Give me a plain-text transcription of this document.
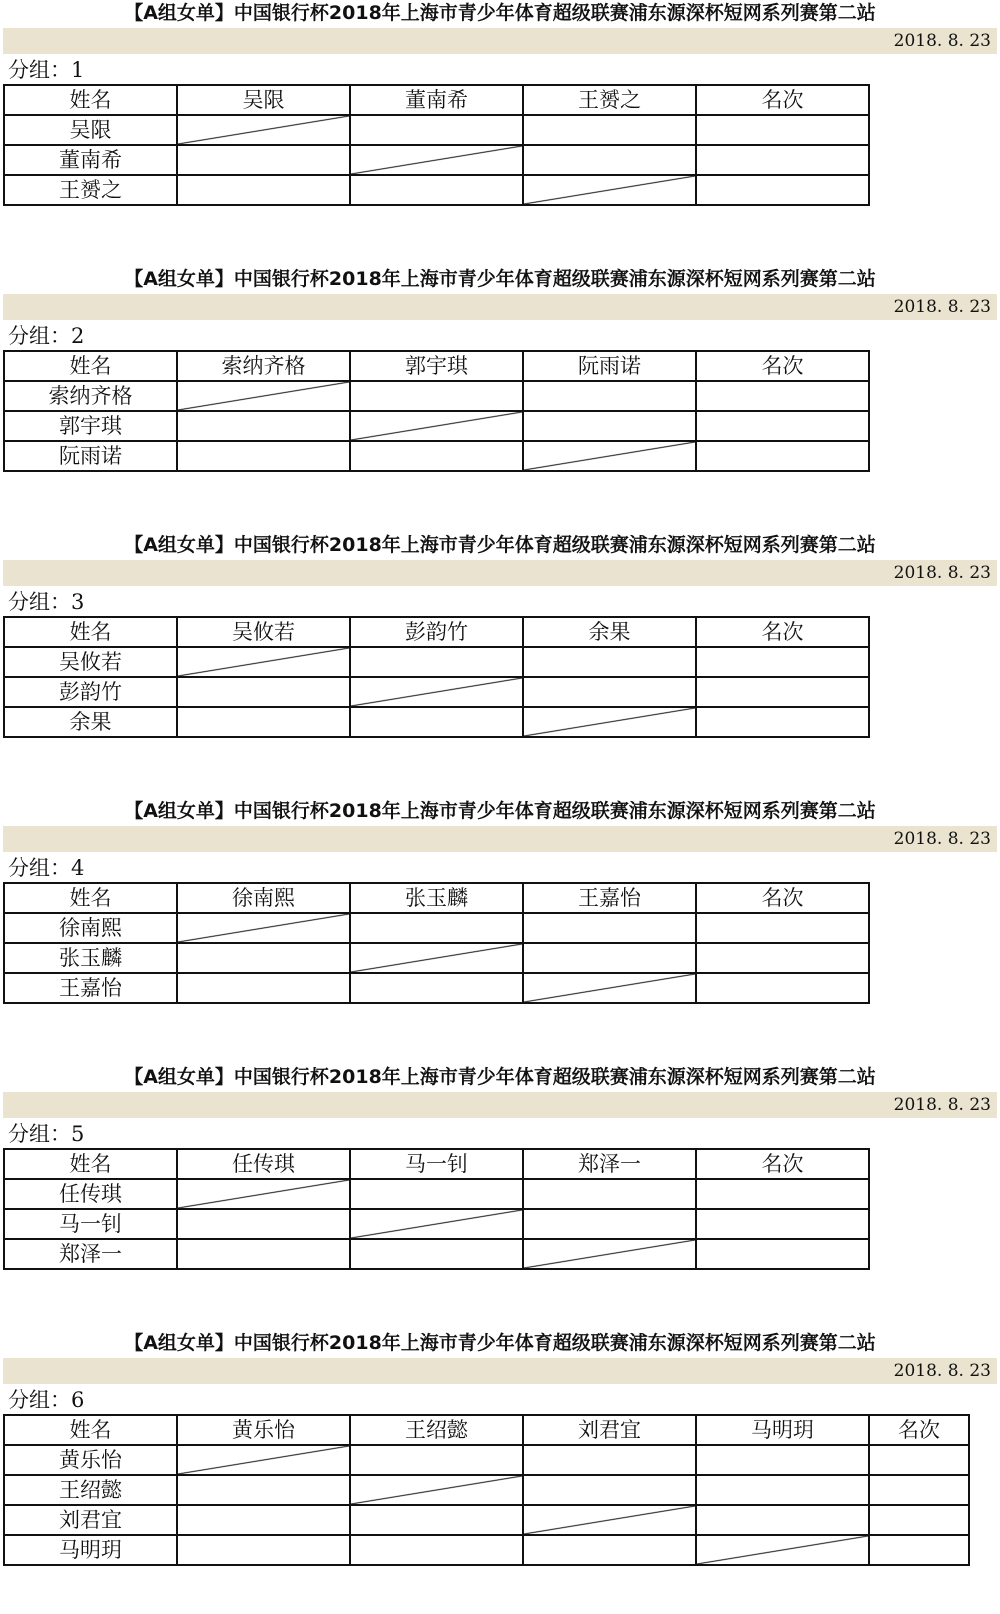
【A组女单】中国银行杯2018年上海市青少年体育超级联赛浦东源深杯短网系列赛第二站
2018. 8. 23
分组：1
姓名	吴限	董南希	王赟之	名次
吴限				
董南希				
王赟之				
【A组女单】中国银行杯2018年上海市青少年体育超级联赛浦东源深杯短网系列赛第二站
2018. 8. 23
分组：2
姓名	索纳齐格	郭宇琪	阮雨诺	名次
索纳齐格				
郭宇琪				
阮雨诺				
【A组女单】中国银行杯2018年上海市青少年体育超级联赛浦东源深杯短网系列赛第二站
2018. 8. 23
分组：3
姓名	吴攸若	彭韵竹	余果	名次
吴攸若				
彭韵竹				
余果				
【A组女单】中国银行杯2018年上海市青少年体育超级联赛浦东源深杯短网系列赛第二站
2018. 8. 23
分组：4
姓名	徐南熙	张玉麟	王嘉怡	名次
徐南熙				
张玉麟				
王嘉怡				
【A组女单】中国银行杯2018年上海市青少年体育超级联赛浦东源深杯短网系列赛第二站
2018. 8. 23
分组：5
姓名	任传琪	马一钊	郑泽一	名次
任传琪				
马一钊				
郑泽一				
【A组女单】中国银行杯2018年上海市青少年体育超级联赛浦东源深杯短网系列赛第二站
2018. 8. 23
分组：6
姓名	黄乐怡	王绍懿	刘君宜	马明玥	名次
黄乐怡					
王绍懿					
刘君宜					
马明玥					
